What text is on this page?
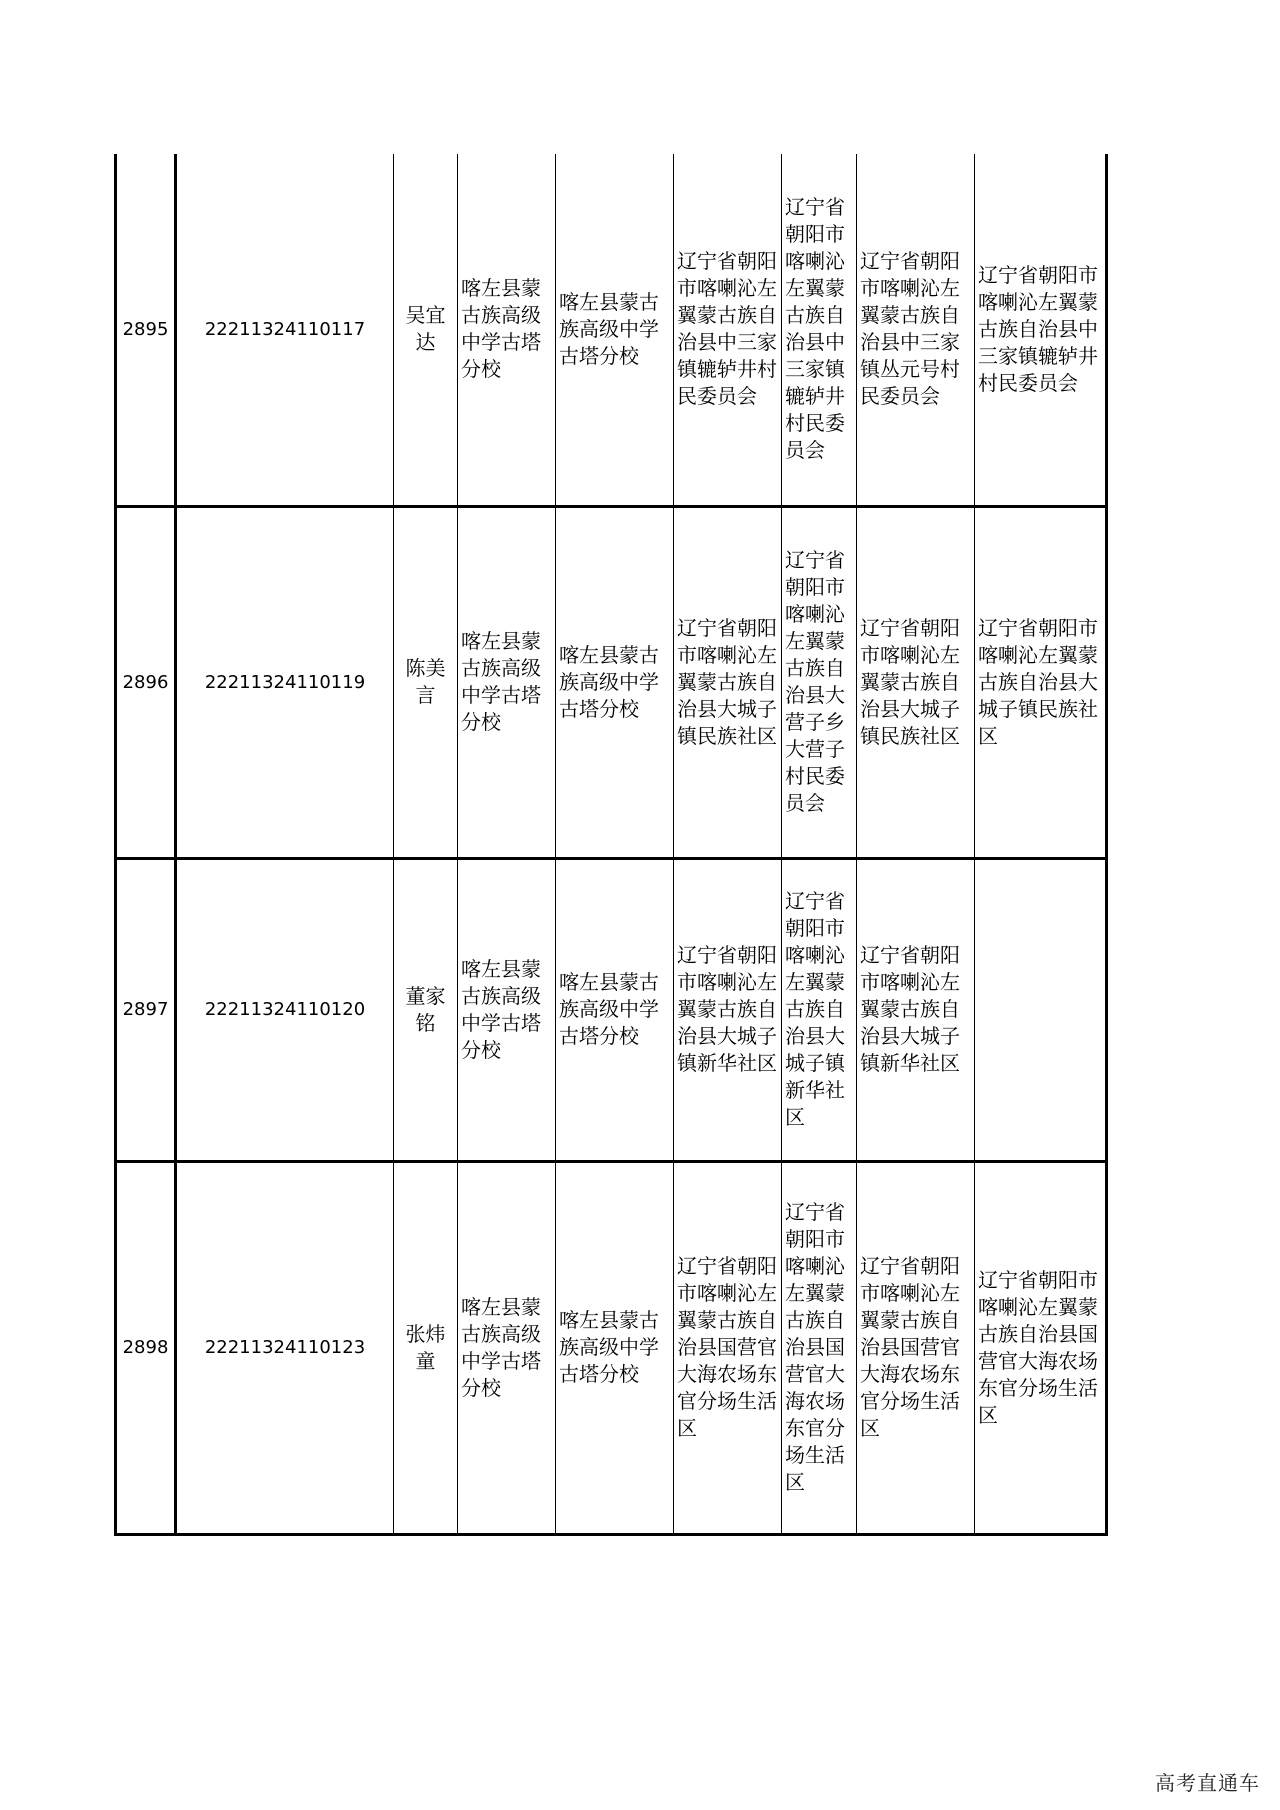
2895	22211324110117	吴宜达	喀左县蒙古族高级中学古塔分校	喀左县蒙古族高级中学古塔分校	辽宁省朝阳市喀喇沁左翼蒙古族自治县中三家镇辘轳井村民委员会	辽宁省朝阳市喀喇沁左翼蒙古族自治县中三家镇辘轳井村民委员会	辽宁省朝阳市喀喇沁左翼蒙古族自治县中三家镇丛元号村民委员会	辽宁省朝阳市喀喇沁左翼蒙古族自治县中三家镇辘轳井村民委员会
2896	22211324110119	陈美言	喀左县蒙古族高级中学古塔分校	喀左县蒙古族高级中学古塔分校	辽宁省朝阳市喀喇沁左翼蒙古族自治县大城子镇民族社区	辽宁省朝阳市喀喇沁左翼蒙古族自治县大营子乡大营子村民委员会	辽宁省朝阳市喀喇沁左翼蒙古族自治县大城子镇民族社区	辽宁省朝阳市喀喇沁左翼蒙古族自治县大城子镇民族社区
2897	22211324110120	董家铭	喀左县蒙古族高级中学古塔分校	喀左县蒙古族高级中学古塔分校	辽宁省朝阳市喀喇沁左翼蒙古族自治县大城子镇新华社区	辽宁省朝阳市喀喇沁左翼蒙古族自治县大城子镇新华社区	辽宁省朝阳市喀喇沁左翼蒙古族自治县大城子镇新华社区	
2898	22211324110123	张炜童	喀左县蒙古族高级中学古塔分校	喀左县蒙古族高级中学古塔分校	辽宁省朝阳市喀喇沁左翼蒙古族自治县国营官大海农场东官分场生活区	辽宁省朝阳市喀喇沁左翼蒙古族自治县国营官大海农场东官分场生活区	辽宁省朝阳市喀喇沁左翼蒙古族自治县国营官大海农场东官分场生活区	辽宁省朝阳市喀喇沁左翼蒙古族自治县国营官大海农场东官分场生活区
高考直通车
